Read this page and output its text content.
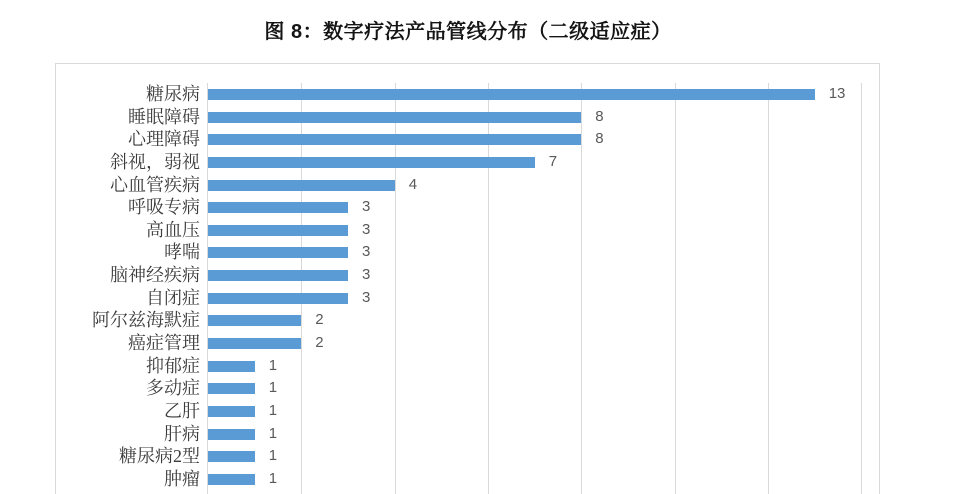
图 8：数字疗法产品管线分布（二级适应症）
糖尿病	13
睡眠障碍	8
心理障碍	8
斜视，弱视	7
心血管疾病	4
呼吸专病	3
高血压	3
哮喘	3
脑神经疾病	3
自闭症	3
阿尔兹海默症	2
癌症管理	2
抑郁症	1
多动症	1
乙肝	1
肝病	1
糖尿病2型	1
肿瘤	1
